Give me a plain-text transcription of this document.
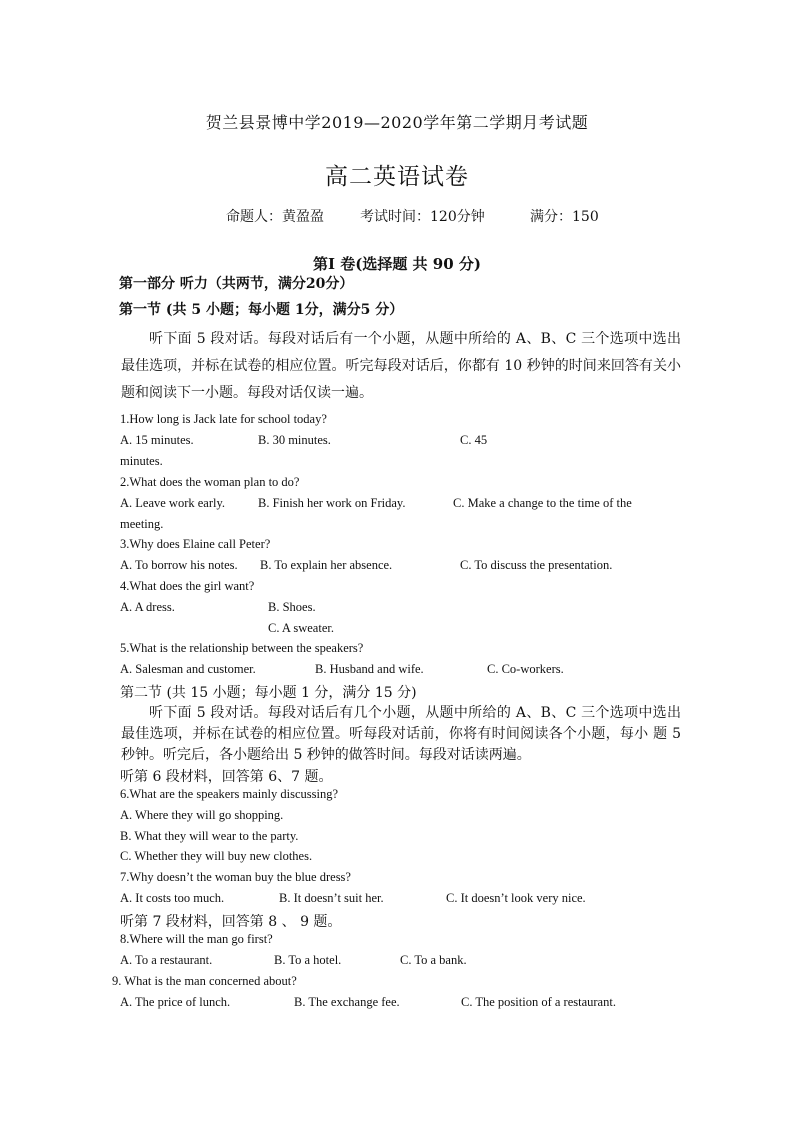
贺兰县景博中学2019—2020学年第二学期月考试题
高二英语试卷
命题人：黄盈盈	考试时间：120分钟	满分：150
第Ⅰ 卷(选择题 共 90 分)
第一部分 听力（共两节，满分20分）
第一节 (共 5 小题；每小题 1分，满分5 分）
听下面 5 段对话。每段对话后有一个小题，从题中所给的 A、B、C 三个选项中选出最佳选项，并标在试卷的相应位置。听完每段对话后，你都有 10 秒钟的时间来回答有关小题和阅读下一小题。每段对话仅读一遍。
1.How long is Jack late for school today?
A. 15 minutes.	B. 30 minutes.	C. 45
minutes.
2.What does the woman plan to do?
A. Leave work early.	B. Finish her work on Friday.	C. Make a change to the time of the
meeting.
3.Why does Elaine call Peter?
A. To borrow his notes. B. To explain her absence.	C. To discuss the presentation.
4.What does the girl want?
A. A dress.	B. Shoes.
C. A sweater.
5.What is the relationship between the speakers?
A. Salesman and customer.	B. Husband and wife.	C. Co-workers.
第二节 (共 15 小题；每小题 1 分，满分 15 分)
听下面 5 段对话。每段对话后有几个小题，从题中所给的 A、B、C 三个选项中选出最佳选项，并标在试卷的相应位置。听每段对话前，你将有时间阅读各个小题，每小 题 5 秒钟。听完后，各小题给出 5 秒钟的做答时间。每段对话读两遍。
听第 6 段材料，回答第 6、7 题。
6.What are the speakers mainly discussing?
A. Where they will go shopping.
B. What they will wear to the party.
C. Whether they will buy new clothes.
7.Why doesn’t the woman buy the blue dress?
A. It costs too much.	B. It doesn’t suit her.	C. It doesn’t look very nice.
听第 7 段材料，回答第 8 、 9 题。
8.Where will the man go first?
A. To a restaurant.	B. To a hotel.	C. To a bank.
9. What is the man concerned about?
A. The price of lunch.	B. The exchange fee.	C. The position of a restaurant.
